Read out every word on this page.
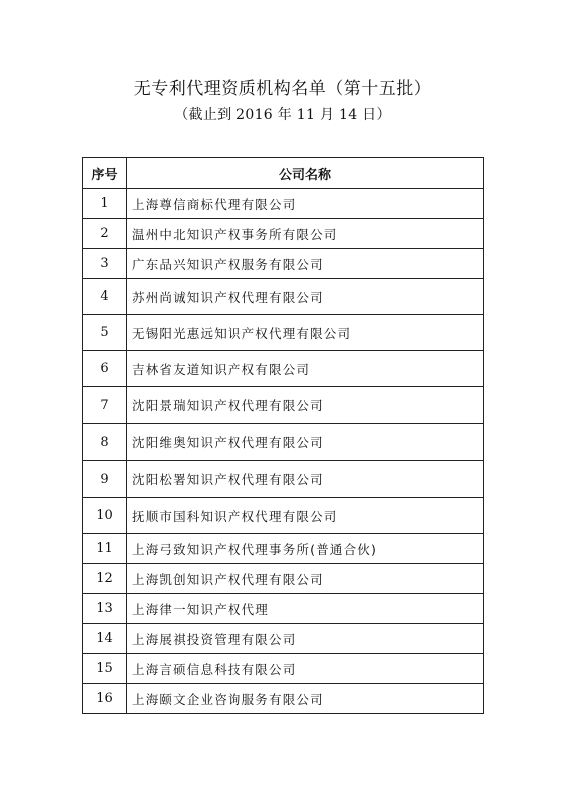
无专利代理资质机构名单（第十五批）
（截止到 2016 年 11 月 14 日）
序号	公司名称
1	上海尊信商标代理有限公司
2	温州中北知识产权事务所有限公司
3	广东品兴知识产权服务有限公司
4	苏州尚诚知识产权代理有限公司
5	无锡阳光惠远知识产权代理有限公司
6	吉林省友道知识产权有限公司
7	沈阳景瑞知识产权代理有限公司
8	沈阳维奥知识产权代理有限公司
9	沈阳松署知识产权代理有限公司
10	抚顺市国科知识产权代理有限公司
11	上海弓致知识产权代理事务所(普通合伙)
12	上海凯创知识产权代理有限公司
13	上海律一知识产权代理
14	上海展祺投资管理有限公司
15	上海言硕信息科技有限公司
16	上海颐文企业咨询服务有限公司
